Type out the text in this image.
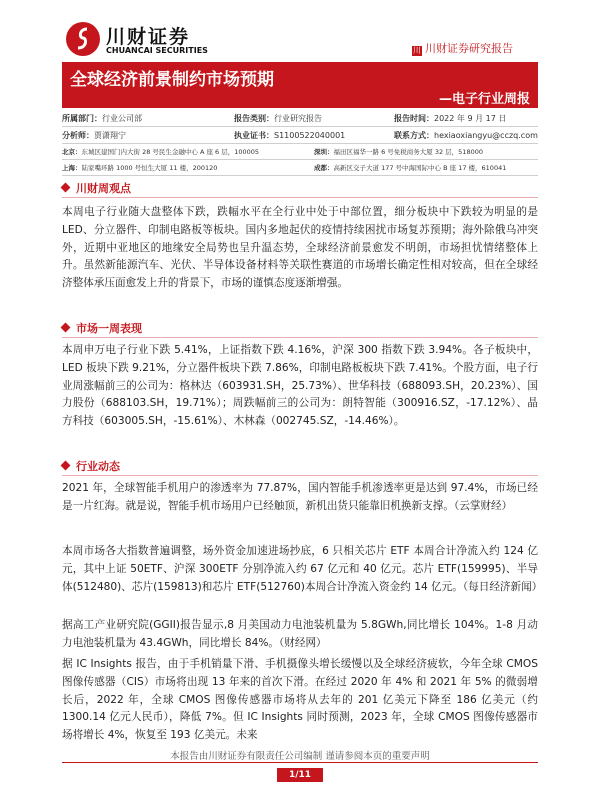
川财证券
CHUANCAI SECURITIES	川 川财证券研究报告
全球经济前景制约市场预期
—电子行业周报
所属部门：行业公司部	报告类别：行业研究报告	报告时间：2022 年 9 月 17 日
分析师：贾潇翔宁	执业证书：S1100522040001	联系方式：hexiaoxiangyu@cczq.com
北京：东城区建国门内大街 28 号民生金融中心 A 座 6 层，100005	深圳：福田区福华一路 6 号免税商务大厦 32 层，518000
上海：陆家嘴环路 1000 号恒生大厦 11 楼，200120	成都：高新区交子大道 177 号中海国际中心 B 座 17 楼，610041
川财周观点

本周电子行业随大盘整体下跌，跌幅水平在全行业中处于中部位置，细分板块中下跌较为明显的是 LED、分立器件、印制电路板等板块。国内多地起伏的疫情持续困扰市场复苏预期；海外除俄乌冲突外，近期中亚地区的地缘安全局势也呈升温态势，全球经济前景愈发不明朗，市场担忧情绪整体上升。虽然新能源汽车、光伏、半导体设备材料等关联性赛道的市场增长确定性相对较高，但在全球经济整体承压面愈发上升的背景下，市场的谨慎态度逐渐增强。

市场一周表现

本周申万电子行业下跌 5.41%，上证指数下跌 4.16%，沪深 300 指数下跌 3.94%。各子板块中，LED 板块下跌 9.21%，分立器件板块下跌 7.86%，印制电路板板块下跌 7.41%。个股方面，电子行业周涨幅前三的公司为：格林达（603931.SH，25.73%）、世华科技（688093.SH，20.23%）、国力股份（688103.SH，19.71%）；周跌幅前三的公司为：朗特智能（300916.SZ，-17.12%）、晶方科技（603005.SH，-15.61%）、木林森（002745.SZ，-14.46%）。

行业动态

2021 年，全球智能手机用户的渗透率为 77.87%，国内智能手机渗透率更是达到 97.4%，市场已经是一片红海。就是说，智能手机市场用户已经触顶，新机出货只能靠旧机换新支撑。（云掌财经）

本周市场各大指数普遍调整，场外资金加速进场抄底，6 只相关芯片 ETF 本周合计净流入约 124 亿元，其中上证 50ETF、沪深 300ETF 分别净流入约 67 亿元和 40 亿元。芯片 ETF(159995)、半导体(512480)、芯片(159813)和芯片 ETF(512760)本周合计净流入资金约 14 亿元。（每日经济新闻）

据高工产业研究院(GGII)报告显示,8 月美国动力电池装机量为 5.8GWh,同比增长 104%。1-8 月动力电池装机量为 43.4GWh，同比增长 84%。（财经网）

据 IC Insights 报告，由于手机销量下滑、手机摄像头增长缓慢以及全球经济疲软，今年全球 CMOS 图像传感器（CIS）市场将出现 13 年来的首次下滑。在经过 2020 年 4% 和 2021 年 5% 的微弱增长后，2022 年，全球 CMOS 图像传感器市场将从去年的 201 亿美元下降至 186 亿美元（约 1300.14 亿元人民币），降低 7%。但 IC Insights 同时预测，2023 年，全球 CMOS 图像传感器市场将增长 4%，恢复至 193 亿美元。未来

本报告由川财证券有限责任公司编制 谨请参阅本页的重要声明
1/11
